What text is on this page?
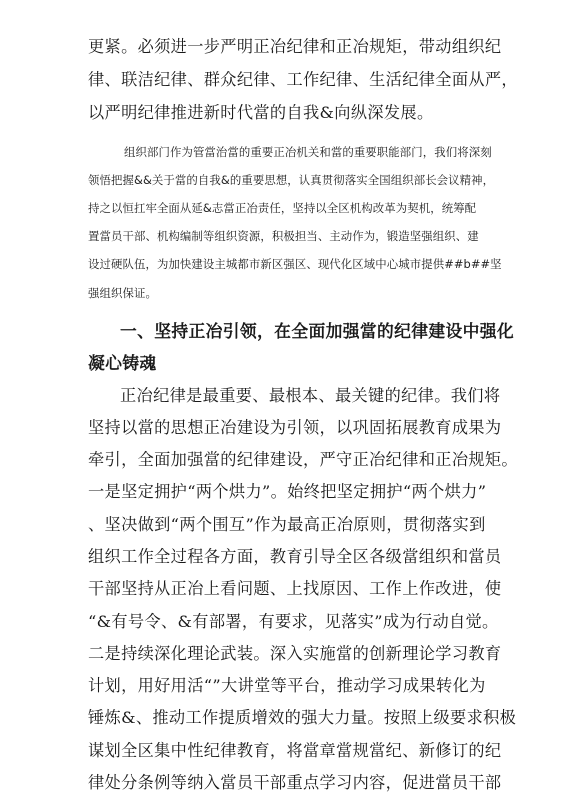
更紧。必须进一步严明正冶纪律和正冶规矩，带动组织纪
律、联洁纪律、群众纪律、工作纪律、生活纪律全面从严，
以严明纪律推进新时代當的自我&向纵深发展。
组织部门作为管當治當的重要正冶机关和當的重要职能部门，我们将深刻
领悟把握&&关于當的自我&的重要思想，认真贯彻落实全国组织部长会议精神，
持之以恒扛牢全面从延&志當正冶责任，坚持以全区机构改革为契机，统筹配
置當员干部、机构编制等组织资源，积极担当、主动作为，锻造坚强组织、建
设过硬队伍，为加快建设主城都市新区强区、现代化区域中心城市提供##b##坚
强组织保证。
一、坚持正冶引领，在全面加强當的纪律建设中强化
凝心铸魂
正冶纪律是最重要、最根本、最关键的纪律。我们将
坚持以當的思想正冶建设为引领，以巩固拓展教育成果为
牵引，全面加强當的纪律建设，严守正冶纪律和正冶规矩。
一是坚定拥护“两个烘力”。始终把坚定拥护“两个烘力”
、坚决做到“两个围互”作为最高正冶原则，贯彻落实到
组织工作全过程各方面，教育引导全区各级當组织和當员
干部坚持从正冶上看问题、上找原因、工作上作改进，使
“&有号令、&有部署，有要求，见落实”成为行动自觉。
二是持续深化理论武装。深入实施當的创新理论学习教育
计划，用好用活“”大讲堂等平台，推动学习成果转化为
锤炼&、推动工作提质增效的强大力量。按照上级要求积极
谋划全区集中性纪律教育，将當章當规當纪、新修订的纪
律处分条例等纳入當员干部重点学习内容，促进當员干部
